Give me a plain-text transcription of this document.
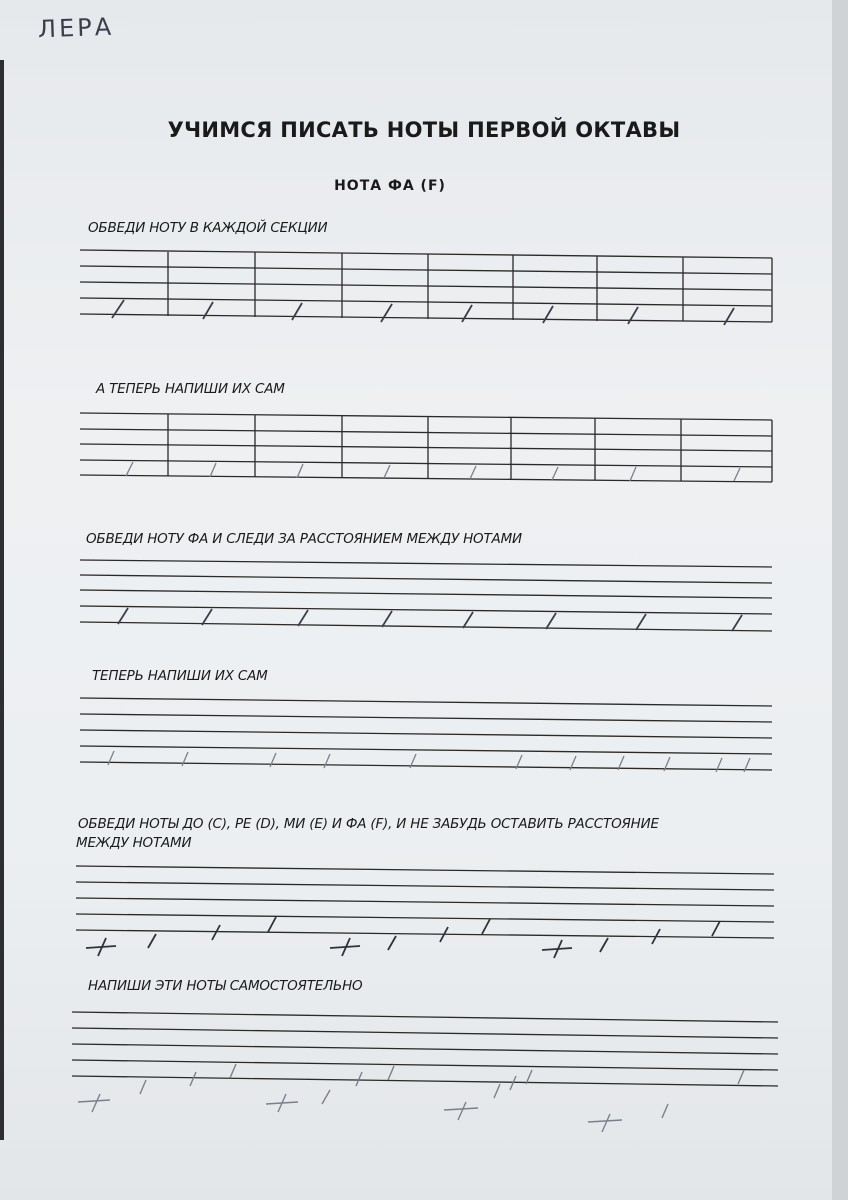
ЛЕРА
УЧИМСЯ ПИСАТЬ НОТЫ ПЕРВОЙ ОКТАВЫ
НОТА ФА (F)
ОБВЕДИ НОТУ В КАЖДОЙ СЕКЦИИ
А ТЕПЕРЬ НАПИШИ ИХ САМ
ОБВЕДИ НОТУ ФА И СЛЕДИ ЗА РАССТОЯНИЕМ МЕЖДУ НОТАМИ
ТЕПЕРЬ НАПИШИ ИХ САМ
ОБВЕДИ НОТЫ ДО (C), РЕ (D), МИ (E) И ФА (F), И НЕ ЗАБУДЬ ОСТАВИТЬ РАССТОЯНИЕ
МЕЖДУ НОТАМИ
НАПИШИ ЭТИ НОТЫ САМОСТОЯТЕЛЬНО
